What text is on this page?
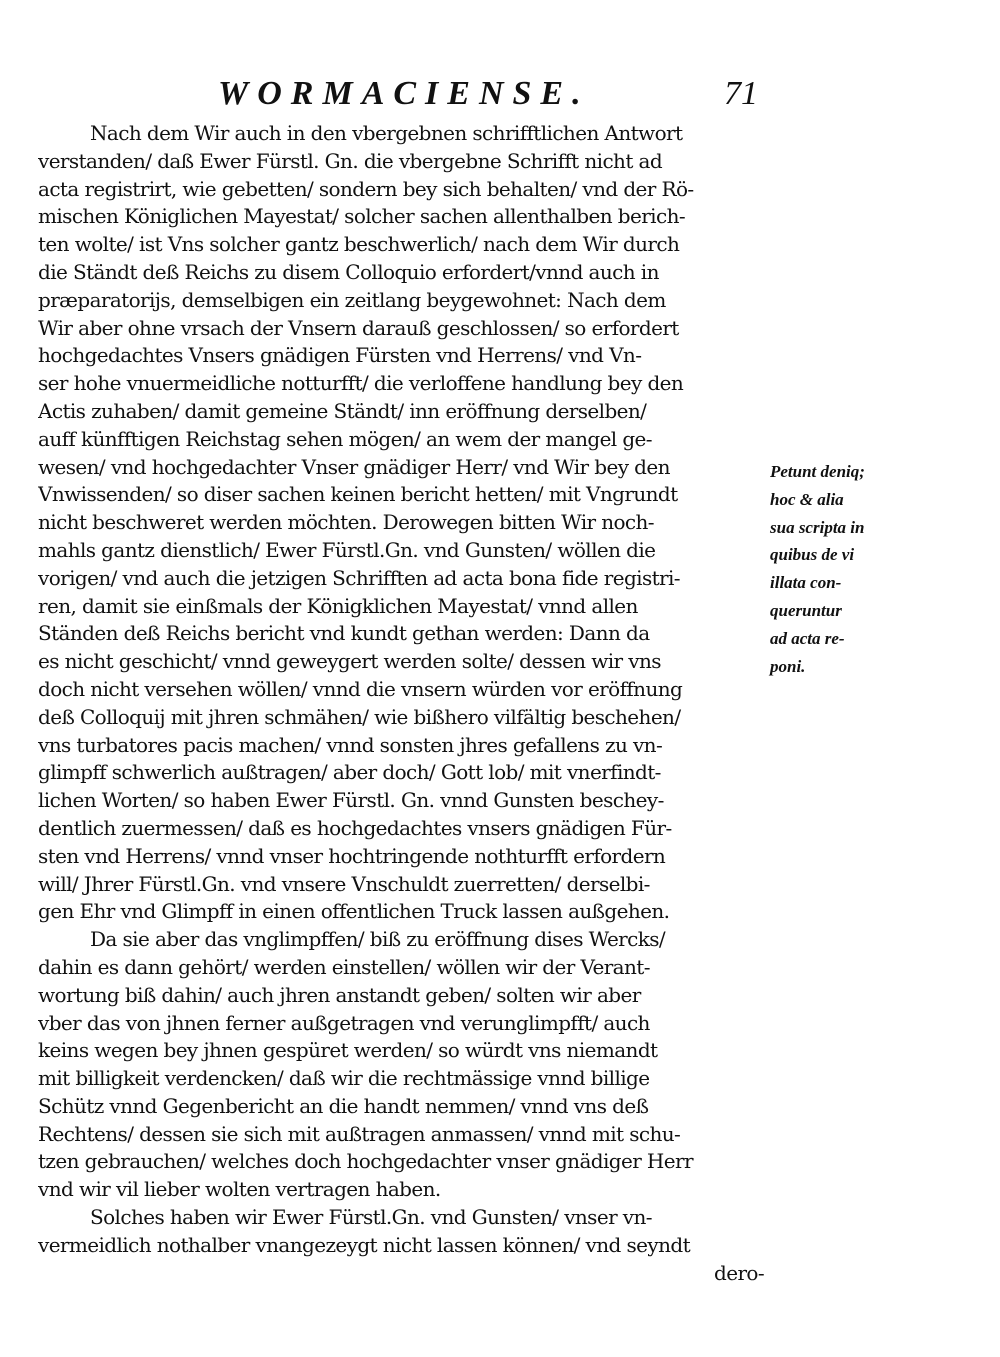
WORMACIENSE.	71
Nach dem Wir auch in den vbergebnen schrifftlichen Antwort
verstanden/ daß Ewer Fürstl. Gn. die vbergebne Schrifft nicht ad
acta registrirt, wie gebetten/ sondern bey sich behalten/ vnd der Rö-
mischen Königlichen Mayestat/ solcher sachen allenthalben berich-
ten wolte/ ist Vns solcher gantz beschwerlich/ nach dem Wir durch
die Ständt deß Reichs zu disem Colloquio erfordert/vnnd auch in
præparatorijs, demselbigen ein zeitlang beygewohnet: Nach dem
Wir aber ohne vrsach der Vnsern darauß geschlossen/ so erfordert
hochgedachtes Vnsers gnädigen Fürsten vnd Herrens/ vnd Vn-
ser hohe vnuermeidliche notturfft/ die verloffene handlung bey den
Actis zuhaben/ damit gemeine Ständt/ inn eröffnung derselben/
auff künfftigen Reichstag sehen mögen/ an wem der mangel ge-
wesen/ vnd hochgedachter Vnser gnädiger Herr/ vnd Wir bey den
Vnwissenden/ so diser sachen keinen bericht hetten/ mit Vngrundt
nicht beschweret werden möchten. Derowegen bitten Wir noch-
mahls gantz dienstlich/ Ewer Fürstl.Gn. vnd Gunsten/ wöllen die
vorigen/ vnd auch die jetzigen Schrifften ad acta bona fide registri-
ren, damit sie einßmals der Königklichen Mayestat/ vnnd allen
Ständen deß Reichs bericht vnd kundt gethan werden: Dann da
es nicht geschicht/ vnnd geweygert werden solte/ dessen wir vns
doch nicht versehen wöllen/ vnnd die vnsern würden vor eröffnung
deß Colloquij mit jhren schmähen/ wie bißhero vilfältig beschehen/
vns turbatores pacis machen/ vnnd sonsten jhres gefallens zu vn-
glimpff schwerlich außtragen/ aber doch/ Gott lob/ mit vnerfindt-
lichen Worten/ so haben Ewer Fürstl. Gn. vnnd Gunsten beschey-
dentlich zuermessen/ daß es hochgedachtes vnsers gnädigen Für-
sten vnd Herrens/ vnnd vnser hochtringende nothturfft erfordern
will/ Jhrer Fürstl.Gn. vnd vnsere Vnschuldt zuerretten/ derselbi-
gen Ehr vnd Glimpff in einen offentlichen Truck lassen außgehen.
Da sie aber das vnglimpffen/ biß zu eröffnung dises Wercks/
dahin es dann gehört/ werden einstellen/ wöllen wir der Verant-
wortung biß dahin/ auch jhren anstandt geben/ solten wir aber
vber das von jhnen ferner außgetragen vnd verunglimpfft/ auch
keins wegen bey jhnen gespüret werden/ so würdt vns niemandt
mit billigkeit verdencken/ daß wir die rechtmässige vnnd billige
Schütz vnnd Gegenbericht an die handt nemmen/ vnnd vns deß
Rechtens/ dessen sie sich mit außtragen anmassen/ vnnd mit schu-
tzen gebrauchen/ welches doch hochgedachter vnser gnädiger Herr
vnd wir vil lieber wolten vertragen haben.
Solches haben wir Ewer Fürstl.Gn. vnd Gunsten/ vnser vn-
vermeidlich nothalber vnangezeygt nicht lassen können/ vnd seyndt
dero-
Petunt deniq;
hoc & alia
sua scripta in
quibus de vi
illata con-
queruntur
ad acta re-
poni.
